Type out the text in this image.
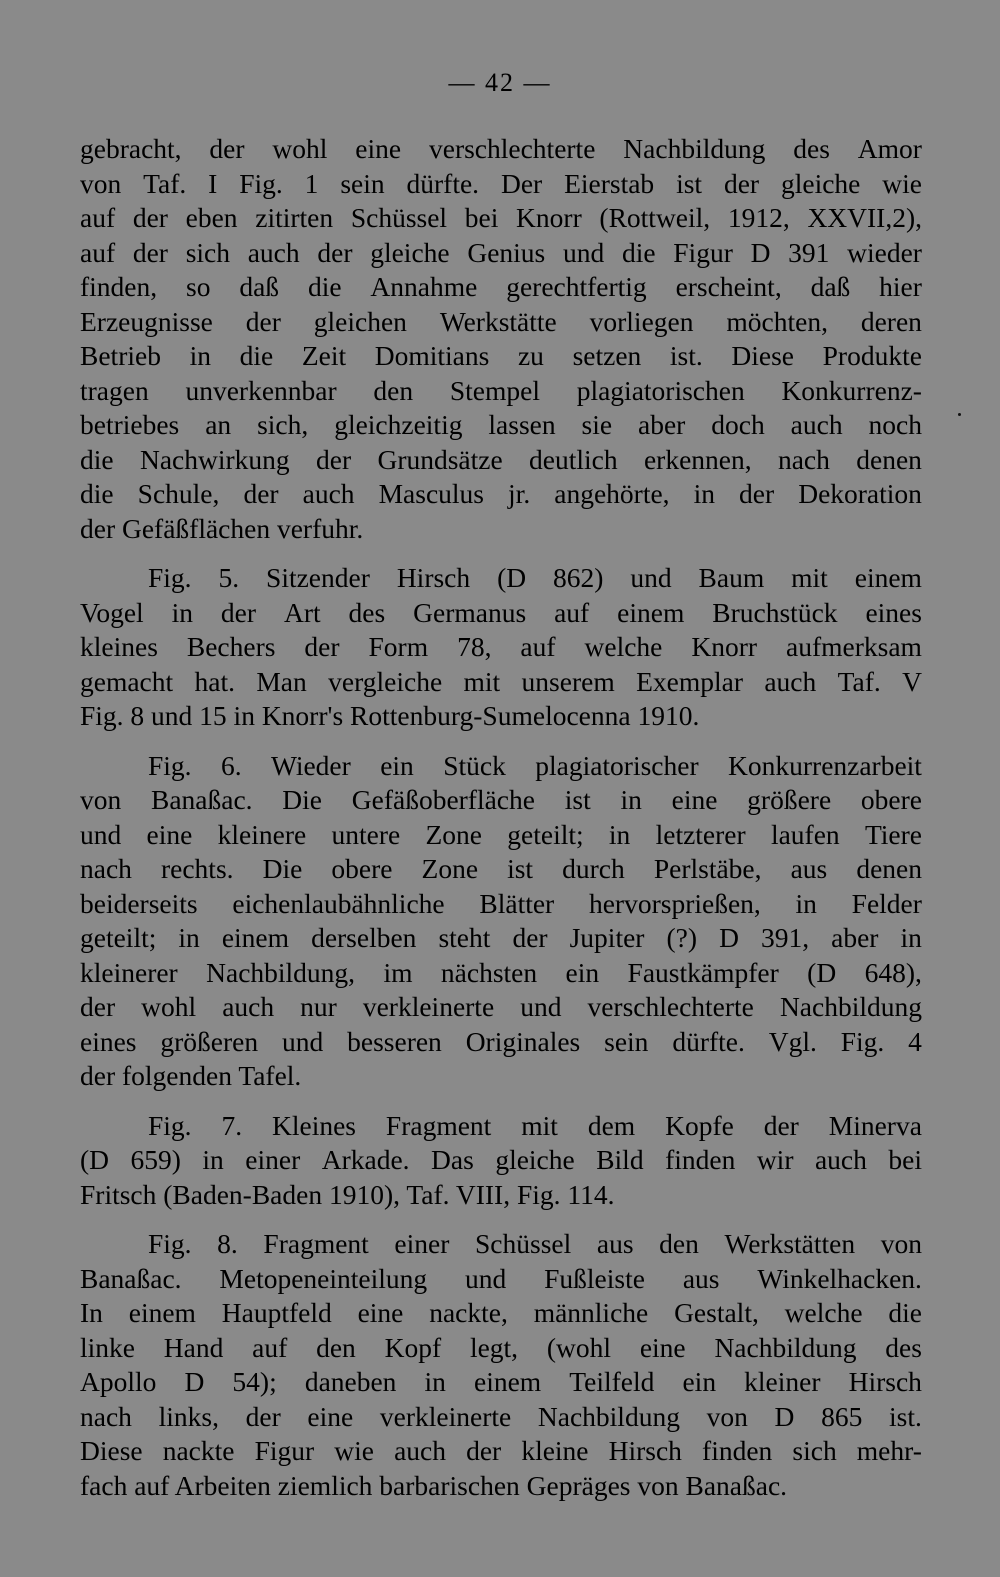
— 42 —
gebracht, der wohl eine verschlechterte Nachbildung des Amor
von Taf. I Fig. 1 sein dürfte. Der Eierstab ist der gleiche wie
auf der eben zitirten Schüssel bei Knorr (Rottweil, 1912, XXVII,2),
auf der sich auch der gleiche Genius und die Figur D 391 wieder
finden, so daß die Annahme gerechtfertig erscheint, daß hier
Erzeugnisse der gleichen Werkstätte vorliegen möchten, deren
Betrieb in die Zeit Domitians zu setzen ist. Diese Produkte
tragen unverkennbar den Stempel plagiatorischen Konkurrenz-
betriebes an sich, gleichzeitig lassen sie aber doch auch noch
die Nachwirkung der Grundsätze deutlich erkennen, nach denen
die Schule, der auch Masculus jr. angehörte, in der Dekoration
der Gefäßflächen verfuhr.
Fig. 5. Sitzender Hirsch (D 862) und Baum mit einem
Vogel in der Art des Germanus auf einem Bruchstück eines
kleines Bechers der Form 78, auf welche Knorr aufmerksam
gemacht hat. Man vergleiche mit unserem Exemplar auch Taf. V
Fig. 8 und 15 in Knorr's Rottenburg-Sumelocenna 1910.
Fig. 6. Wieder ein Stück plagiatorischer Konkurrenzarbeit
von Banaßac. Die Gefäßoberfläche ist in eine größere obere
und eine kleinere untere Zone geteilt; in letzterer laufen Tiere
nach rechts. Die obere Zone ist durch Perlstäbe, aus denen
beiderseits eichenlaubähnliche Blätter hervorsprießen, in Felder
geteilt; in einem derselben steht der Jupiter (?) D 391, aber in
kleinerer Nachbildung, im nächsten ein Faustkämpfer (D 648),
der wohl auch nur verkleinerte und verschlechterte Nachbildung
eines größeren und besseren Originales sein dürfte. Vgl. Fig. 4
der folgenden Tafel.
Fig. 7. Kleines Fragment mit dem Kopfe der Minerva
(D 659) in einer Arkade. Das gleiche Bild finden wir auch bei
Fritsch (Baden-Baden 1910), Taf. VIII, Fig. 114.
Fig. 8. Fragment einer Schüssel aus den Werkstätten von
Banaßac. Metopeneinteilung und Fußleiste aus Winkelhacken.
In einem Hauptfeld eine nackte, männliche Gestalt, welche die
linke Hand auf den Kopf legt, (wohl eine Nachbildung des
Apollo D 54); daneben in einem Teilfeld ein kleiner Hirsch
nach links, der eine verkleinerte Nachbildung von D 865 ist.
Diese nackte Figur wie auch der kleine Hirsch finden sich mehr-
fach auf Arbeiten ziemlich barbarischen Gepräges von Banaßac.
